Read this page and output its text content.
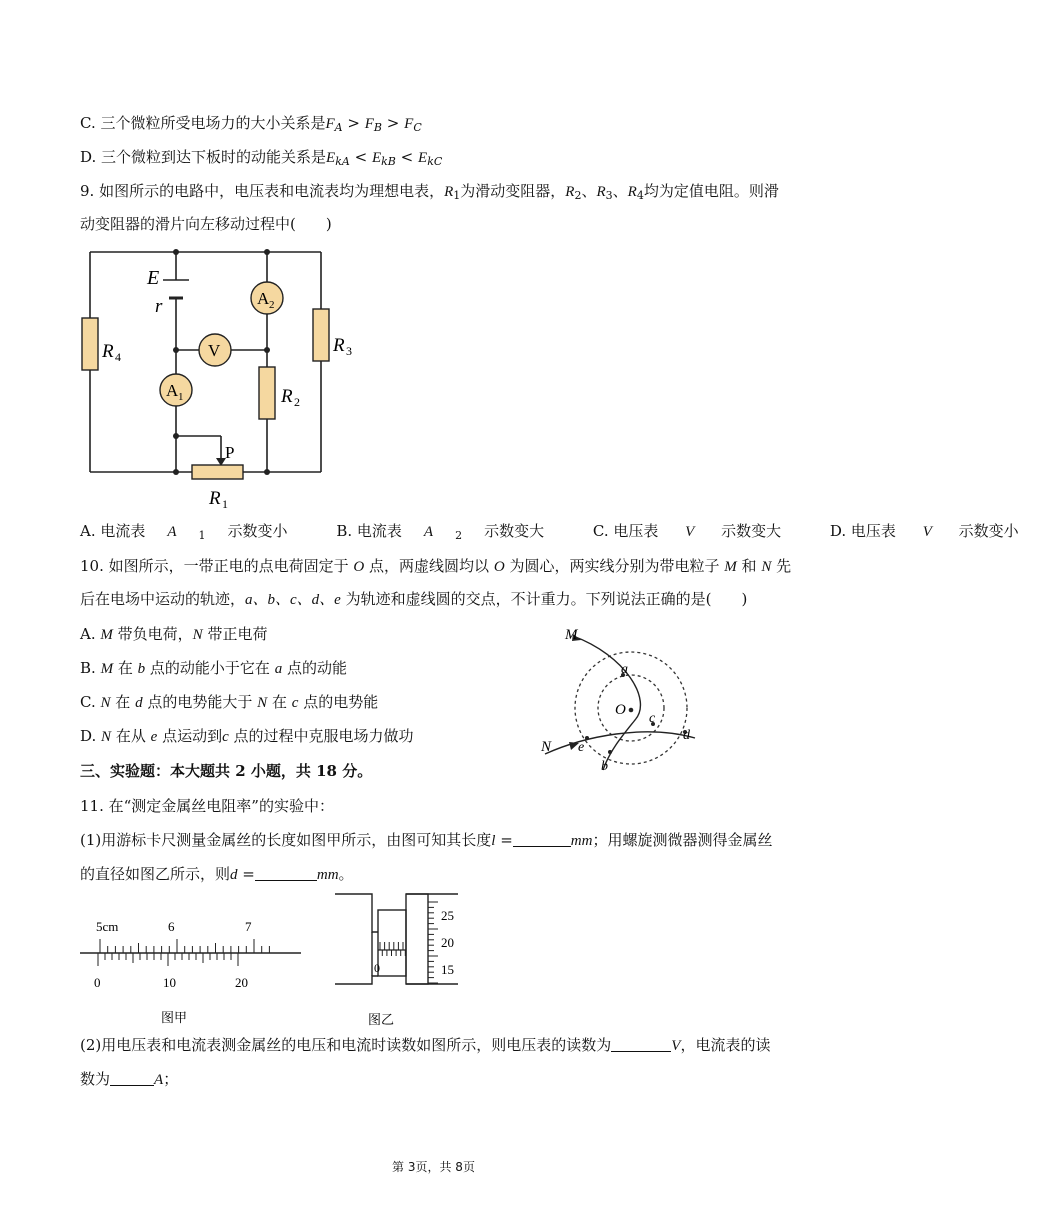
C. 三个微粒所受电场力的大小关系是$F_A > F_B > F_C$
D. 三个微粒到达下板时的动能关系是$E_{kA} < E_{kB} < E_{kC}$
9. 如图所示的电路中，电压表和电流表均为理想电表，$R_1$为滑动变阻器，$R_2$、$R_3$、$R_4$均为定值电阻。则滑
动变阻器的滑片向左移动过程中(　　)
E
r	A 2
A 1
V
R 4
R 3
R 2
R 1
P
A. 电流表 A $_1$ 示数变小	B. 电流表 A $_2$ 示数变大	C. 电压表 V 示数变大	D. 电压表 V 示数变小
10. 如图所示，一带正电的点电荷固定于 O 点，两虚线圆均以 O 为圆心，两实线分别为带电粒子 M 和 N 先
后在电场中运动的轨迹，a、b、c、d、e 为轨迹和虚线圆的交点，不计重力。下列说法正确的是(　　)
A. M 带负电荷，N 带正电荷
B. M 在 b 点的动能小于它在 a 点的动能
C. N 在 d 点的电势能大于 N 在 c 点的电势能
D. N 在从 e 点运动到c 点的过程中克服电场力做功
M
N
O
a
b
c
d
e
三、实验题：本大题共 2 小题，共 18 分。
11. 在“测定金属丝电阻率”的实验中：
(1)用游标卡尺测量金属丝的长度如图甲所示，由图可知其长度l =	mm；用螺旋测微器测得金属丝
的直径如图乙所示，则d =	mm。
5cm	6	7
0	10	20
图甲
0
25
20
15
图乙
(2)用电压表和电流表测金属丝的电压和电流时读数如图所示，则电压表的读数为	V，电流表的读
数为	A；
第 3页，共 8页
